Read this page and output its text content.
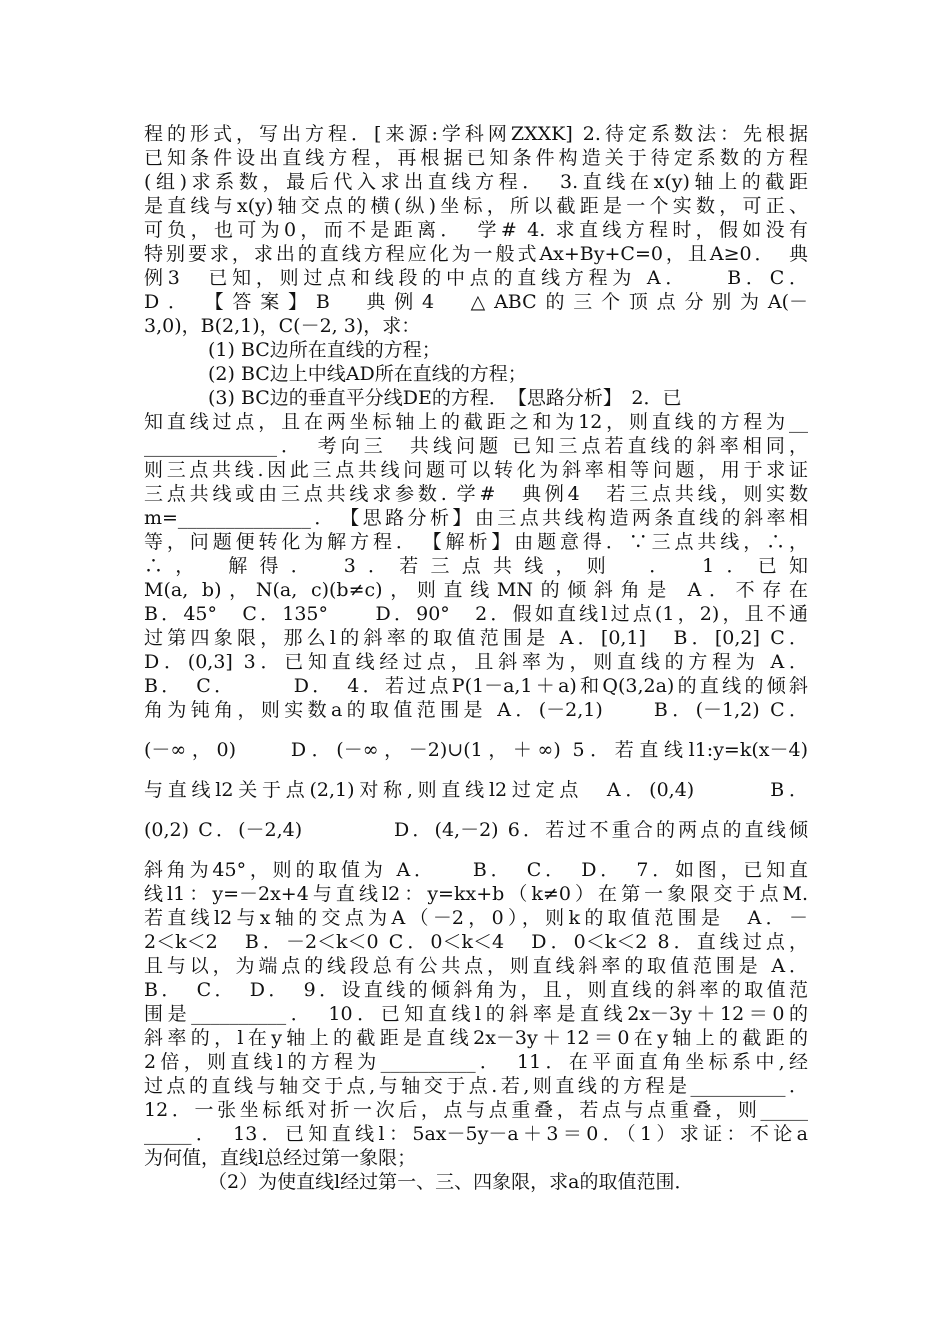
程的形式，写出方程．[来源:学科网ZXXK] 2.待定系数法：先根据
已知条件设出直线方程，再根据已知条件构造关于待定系数的方程
(组)求系数，最后代入求出直线方程．　3.直线在x(y)轴上的截距
是直线与x(y)轴交点的横(纵)坐标，所以截距是一个实数，可正、
可负，也可为0，而不是距离．　学# 4. 求直线方程时，假如没有
特别要求，求出的直线方程应化为一般式Ax+By+C=0，且A≥0．　典
例3　已知，则过点和线段的中点的直线方程为 A．　　B．C．
D．　【答案】B　典例4　△ABC的三个顶点分别为A(－
3,0)，B(2,1)，C(－2, 3)，求：
(1) BC边所在直线的方程；
(2) BC边上中线AD所在直线的方程；
(3) BC边的垂直平分线DE的方程．　【思路分析】　2．已
知直线过点，且在两坐标轴上的截距之和为12，则直线的方程为__
______________．　考向三　共线问题 已知三点若直线的斜率相同，
则三点共线.因此三点共线问题可以转化为斜率相等问题，用于求证
三点共线或由三点共线求参数. 学#　典例4　若三点共线，则实数
m=______________．　【思路分析】由三点共线构造两条直线的斜率相
等，问题便转化为解方程．　【解析】由题意得．∵三点共线，∴，
∴，　解得．　3．若三点共线，则　．　1．已知
M(a, b)，N(a, c)(b≠c)，则直线MN的倾斜角是 A．不存在
B．45°　C．135°　　D．90°　2．假如直线l过点(1，2)，且不通
过第四象限，那么l的斜率的取值范围是 A．[0,1]　B．[0,2] C．
D．(0,3] 3．已知直线经过点，且斜率为，则直线的方程为 A．
B．　C．　　　D．　4．若过点P(1－a,1＋a)和Q(3,2a)的直线的倾斜
角为钝角，则实数a的取值范围是 A．(－2,1)　　B．(－1,2) C．
(－∞，0)　　D．(－∞，－2)∪(1，＋∞) 5．若直线l1:y=k(x－4)
与直线l2关于点(2,1)对称,则直线l2过定点　A．(0,4)　　　B．
(0,2) C．(－2,4)　　　　D．(4,－2) 6．若过不重合的两点的直线倾
斜角为45°，则的取值为 A．　　B．　C．　D．　7．如图，已知直
线l1：y=－2x+4与直线l2：y=kx+b（k≠0）在第一象限交于点M.
若直线l2与x轴的交点为A（－2，0），则k的取值范围是　A．－
2＜k＜2　B．－2＜k＜0 C．0＜k＜4　D．0＜k＜2 8．直线过点，
且与以，为端点的线段总有公共点，则直线斜率的取值范围是 A．
B．　C．　D．　9．设直线的倾斜角为，且，则直线的斜率的取值范
围是__________．　10．已知直线l的斜率是直线2x－3y＋12＝0的
斜率的，l在y轴上的截距是直线2x－3y＋12＝0在y轴上的截距的
2倍，则直线l的方程为__________．　11．在平面直角坐标系中,经
过点的直线与轴交于点,与轴交于点.若,则直线的方程是__________．
12．一张坐标纸对折一次后，点与点重叠，若点与点重叠，则_____
_____．　13．已知直线l：5ax－5y－a＋3＝0．（1）求证：不论a
为何值，直线l总经过第一象限；
（2）为使直线l经过第一、三、四象限，求a的取值范围．
